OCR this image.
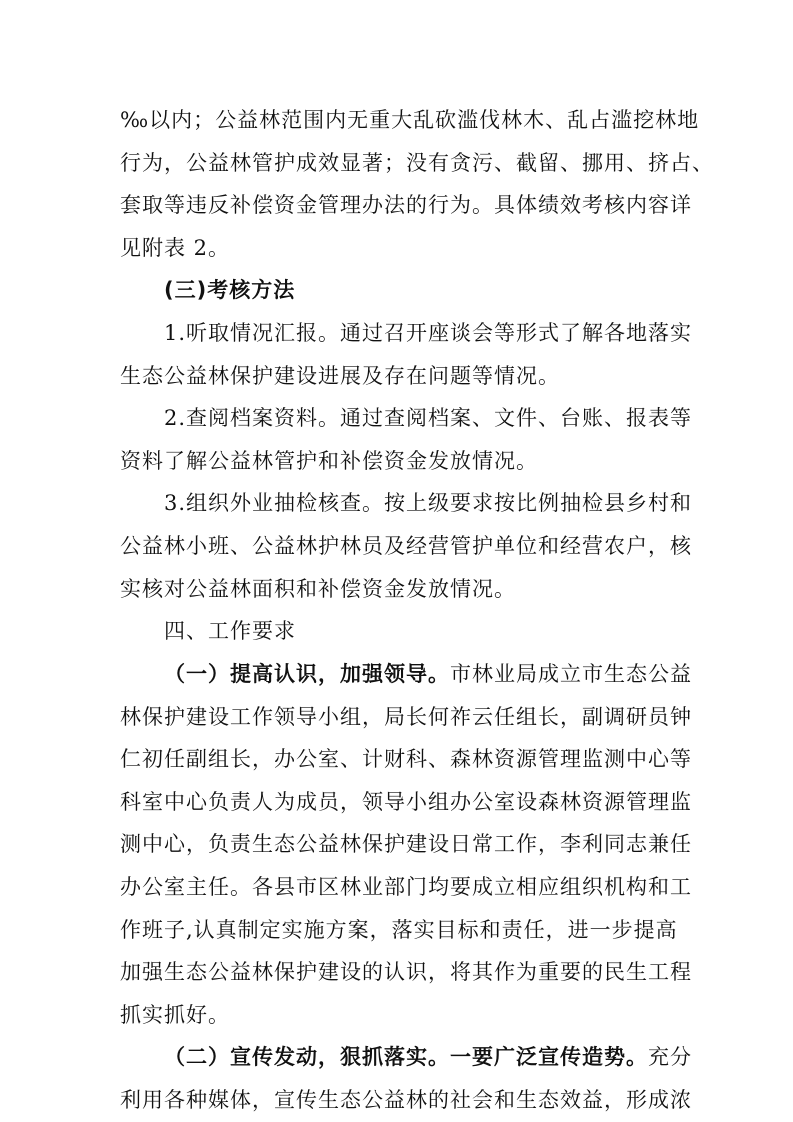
‰以内；公益林范围内无重大乱砍滥伐林木、乱占滥挖林地
行为，公益林管护成效显著；没有贪污、截留、挪用、挤占、
套取等违反补偿资金管理办法的行为。具体绩效考核内容详
见附表 2。
(三)考核方法
1.听取情况汇报。通过召开座谈会等形式了解各地落实
生态公益林保护建设进展及存在问题等情况。
2.查阅档案资料。通过查阅档案、文件、台账、报表等
资料了解公益林管护和补偿资金发放情况。
3.组织外业抽检核查。按上级要求按比例抽检县乡村和
公益林小班、公益林护林员及经营管护单位和经营农户，核
实核对公益林面积和补偿资金发放情况。
四、工作要求
（一）提高认识，加强领导。市林业局成立市生态公益
林保护建设工作领导小组，局长何祚云任组长，副调研员钟
仁初任副组长，办公室、计财科、森林资源管理监测中心等
科室中心负责人为成员，领导小组办公室设森林资源管理监
测中心，负责生态公益林保护建设日常工作，李利同志兼任
办公室主任。各县市区林业部门均要成立相应组织机构和工
作班子,认真制定实施方案，落实目标和责任，进一步提高
加强生态公益林保护建设的认识，将其作为重要的民生工程
抓实抓好。
（二）宣传发动，狠抓落实。一要广泛宣传造势。充分
利用各种媒体，宣传生态公益林的社会和生态效益，形成浓
